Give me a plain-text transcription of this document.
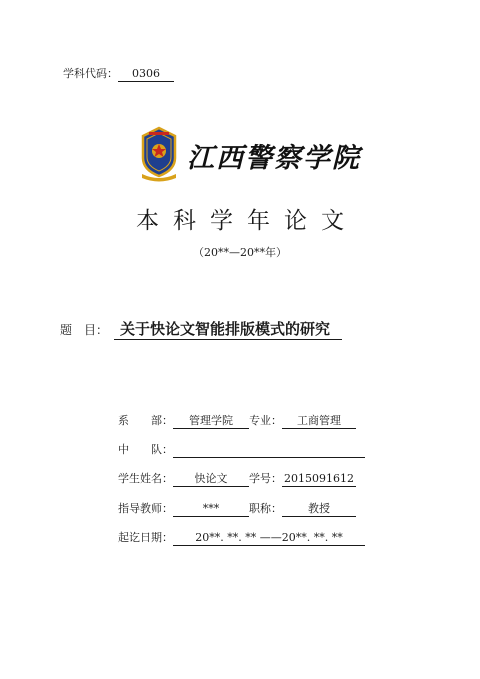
学科代码： 0306
江西警察学院
本科学年论文
（20**—20**年）
题　目： 关于快论文智能排版模式的研究
系　　部： 管理学院 专业： 工商管理
中　　队：
学生姓名： 快论文 学号： 2015091612
指导教师：	***	职称： 教授
起讫日期： 20**. **. ** ——20**. **. **
